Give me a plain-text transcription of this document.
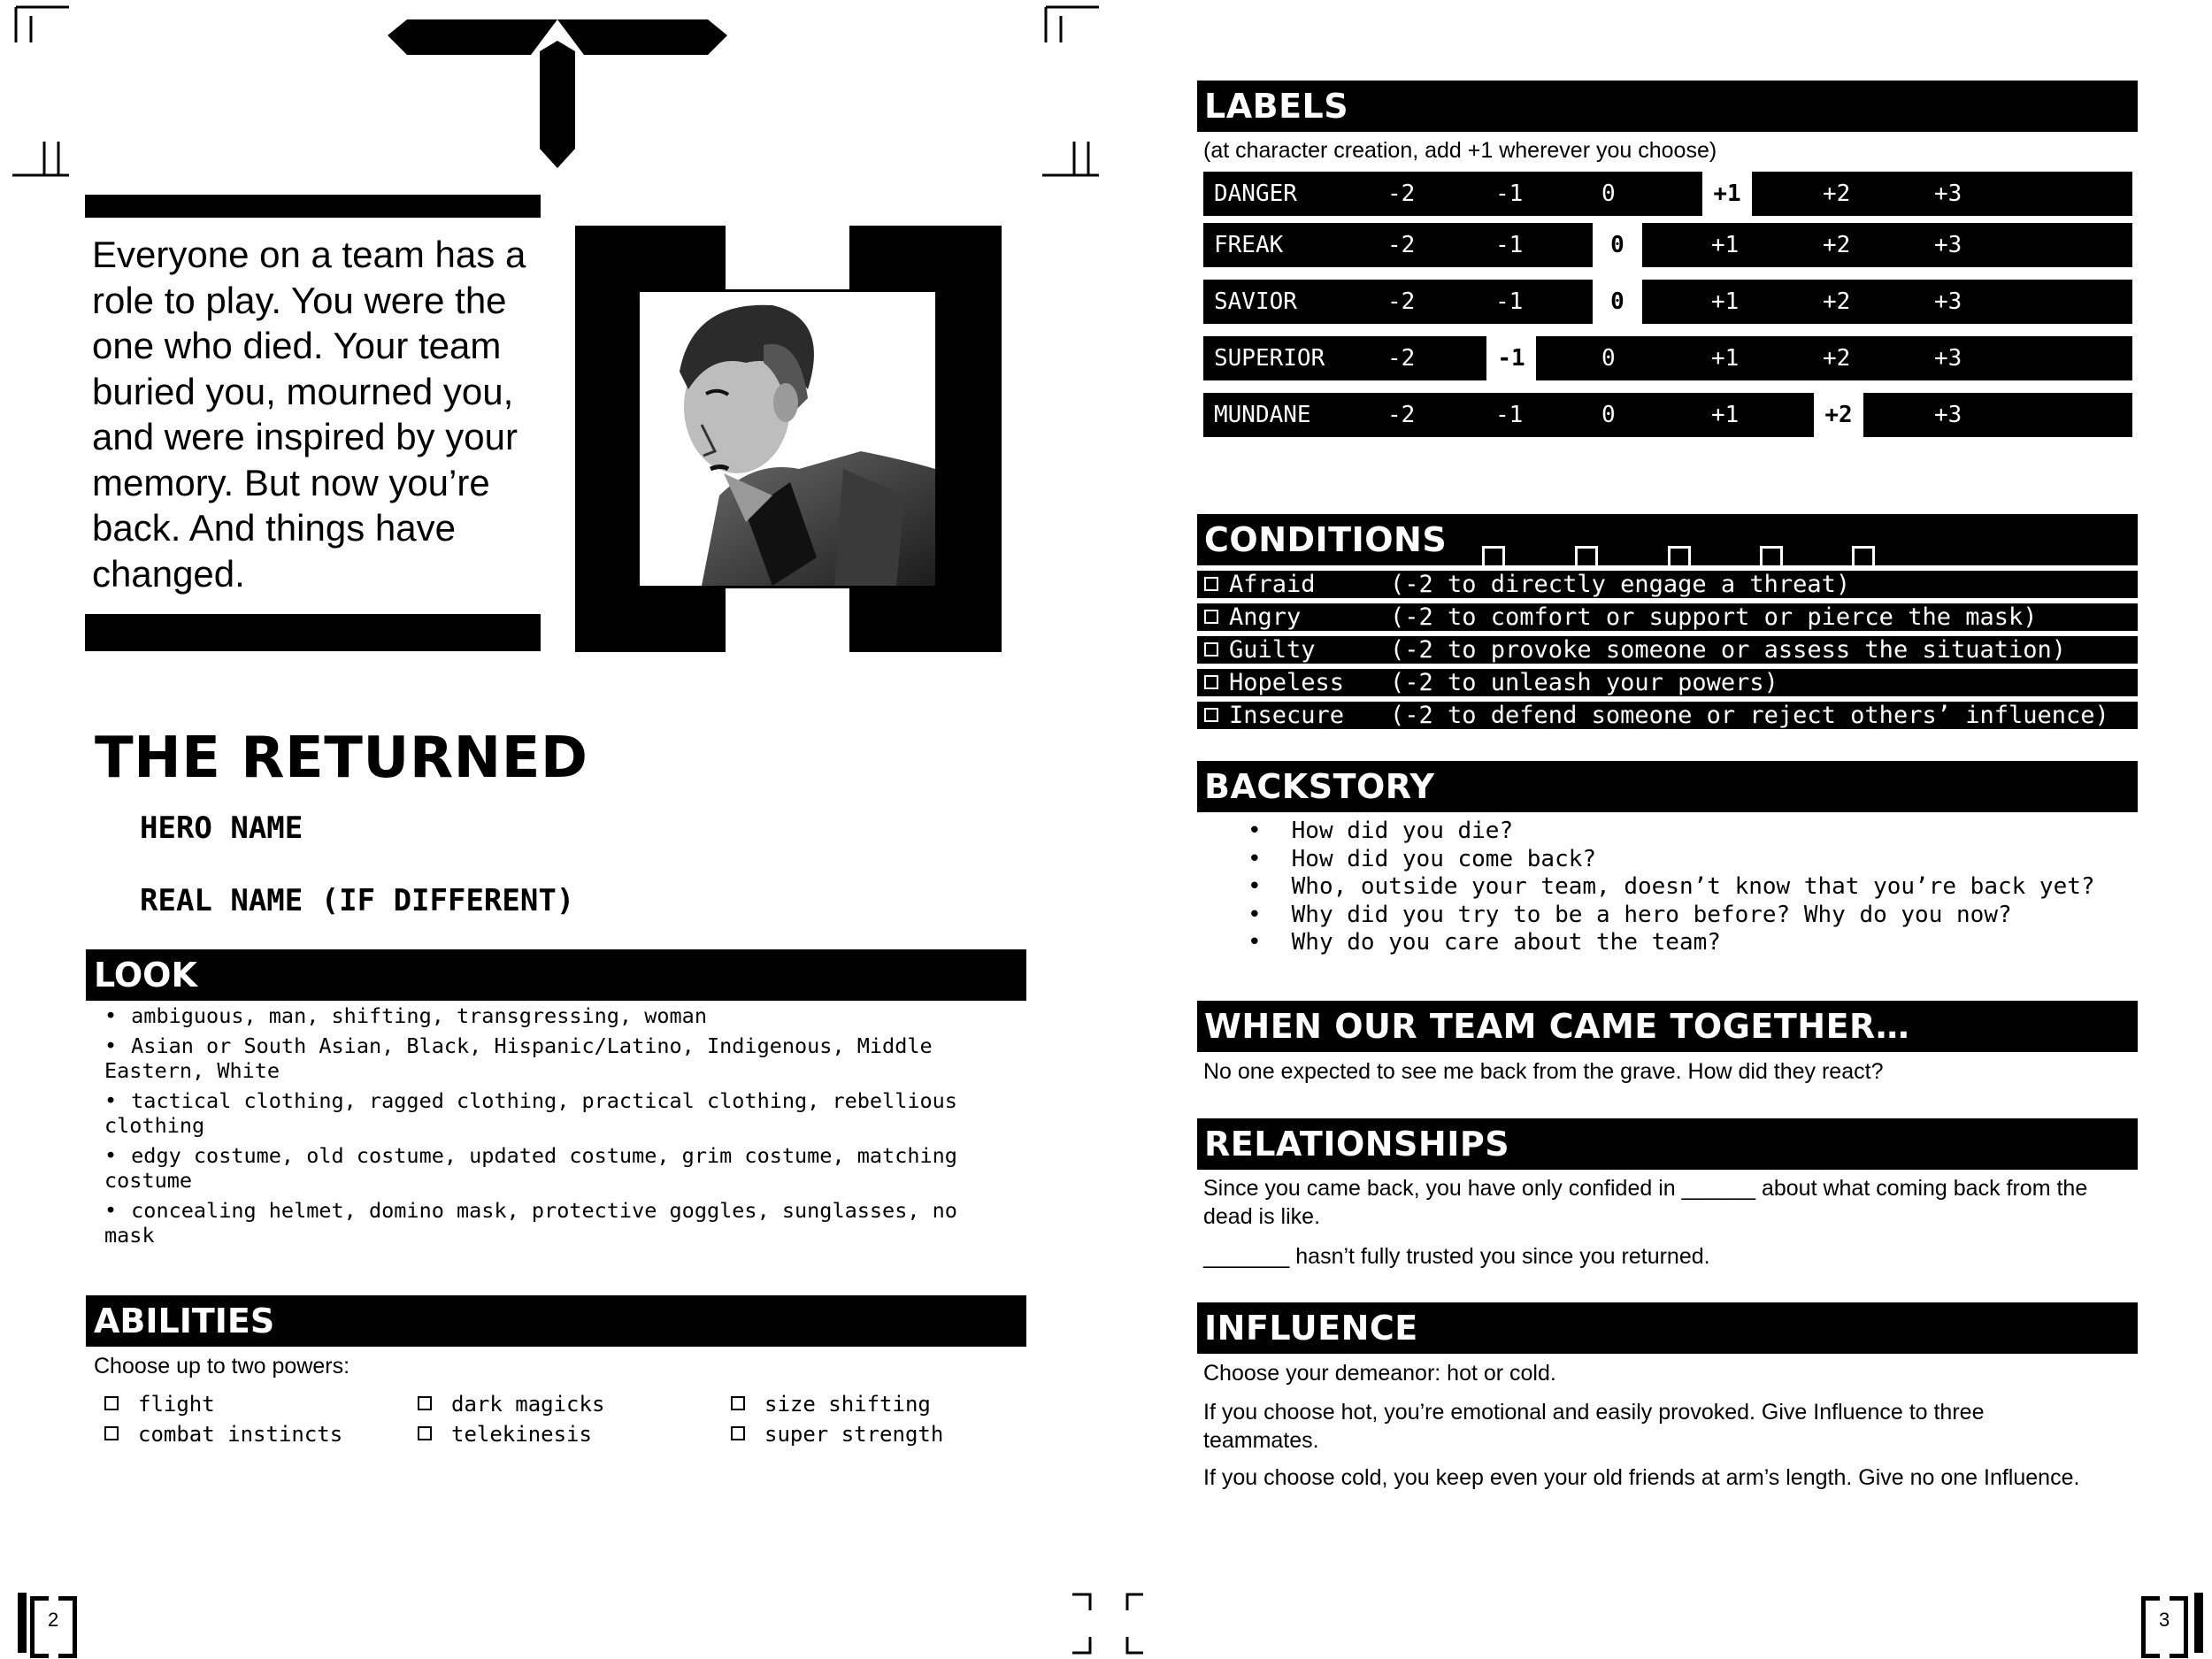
Everyone on a team has a role to play. You were the one who died. Your team buried you, mourned you, and were inspired by your memory. But now you’re back. And things have changed.
THE RETURNED
HERO NAME
REAL NAME (IF DIFFERENT)
LOOK
• ambiguous, man, shifting, transgressing, woman
• Asian or South Asian, Black, Hispanic/Latino, Indigenous, Middle Eastern, White
• tactical clothing, ragged clothing, practical clothing, rebellious clothing
• edgy costume, old costume, updated costume, grim costume, matching costume
• concealing helmet, domino mask, protective goggles, sunglasses, no mask
ABILITIES
Choose up to two powers:
flight	dark magicks	size shifting
combat instincts	telekinesis	super strength
2
LABELS
(at character creation, add +1 wherever you choose)
DANGER	-2	-1	0	+1	+2	+3
FREAK	-2	-1	0	+1	+2	+3
SAVIOR	-2	-1	0	+1	+2	+3
SUPERIOR	-2	-1	0	+1	+2	+3
MUNDANE	-2	-1	0	+1	+2	+3
CONDITIONS
Afraid	(-2 to directly engage a threat)
Angry	(-2 to comfort or support or pierce the mask)
Guilty	(-2 to provoke someone or assess the situation)
Hopeless (-2 to unleash your powers)
Insecure (-2 to defend someone or reject others’ influence)
BACKSTORY
• How did you die?
• How did you come back?
• Who, outside your team, doesn’t know that you’re back yet?
• Why did you try to be a hero before? Why do you now?
• Why do you care about the team?
WHEN OUR TEAM CAME TOGETHER…
No one expected to see me back from the grave. How did they react?
RELATIONSHIPS
Since you came back, you have only confided in ______ about what coming back from the dead is like.
_______ hasn’t fully trusted you since you returned.
INFLUENCE
Choose your demeanor: hot or cold.
If you choose hot, you’re emotional and easily provoked. Give Influence to three teammates.
If you choose cold, you keep even your old friends at arm’s length. Give no one Influence.
3
